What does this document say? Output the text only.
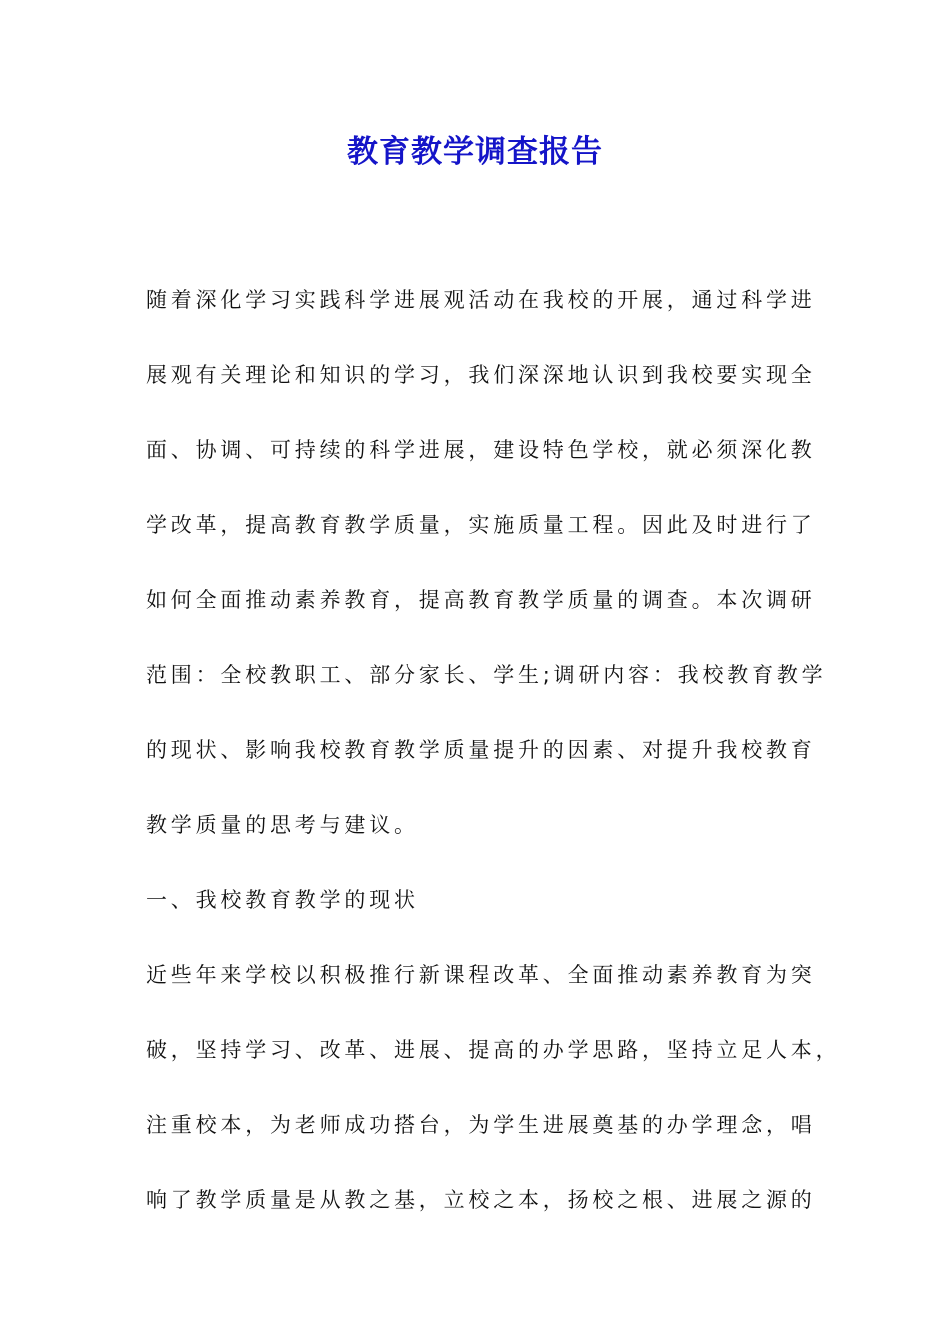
教育教学调查报告

随着深化学习实践科学进展观活动在我校的开展，通过科学进

展观有关理论和知识的学习，我们深深地认识到我校要实现全

面、协调、可持续的科学进展，建设特色学校，就必须深化教

学改革，提高教育教学质量，实施质量工程。因此及时进行了

如何全面推动素养教育，提高教育教学质量的调查。本次调研

范围：全校教职工、部分家长、学生;调研内容：我校教育教学

的现状、影响我校教育教学质量提升的因素、对提升我校教育

教学质量的思考与建议。

一、我校教育教学的现状

近些年来学校以积极推行新课程改革、全面推动素养教育为突

破，坚持学习、改革、进展、提高的办学思路，坚持立足人本，

注重校本，为老师成功搭台，为学生进展奠基的办学理念，唱

响了教学质量是从教之基，立校之本，扬校之根、进展之源的
